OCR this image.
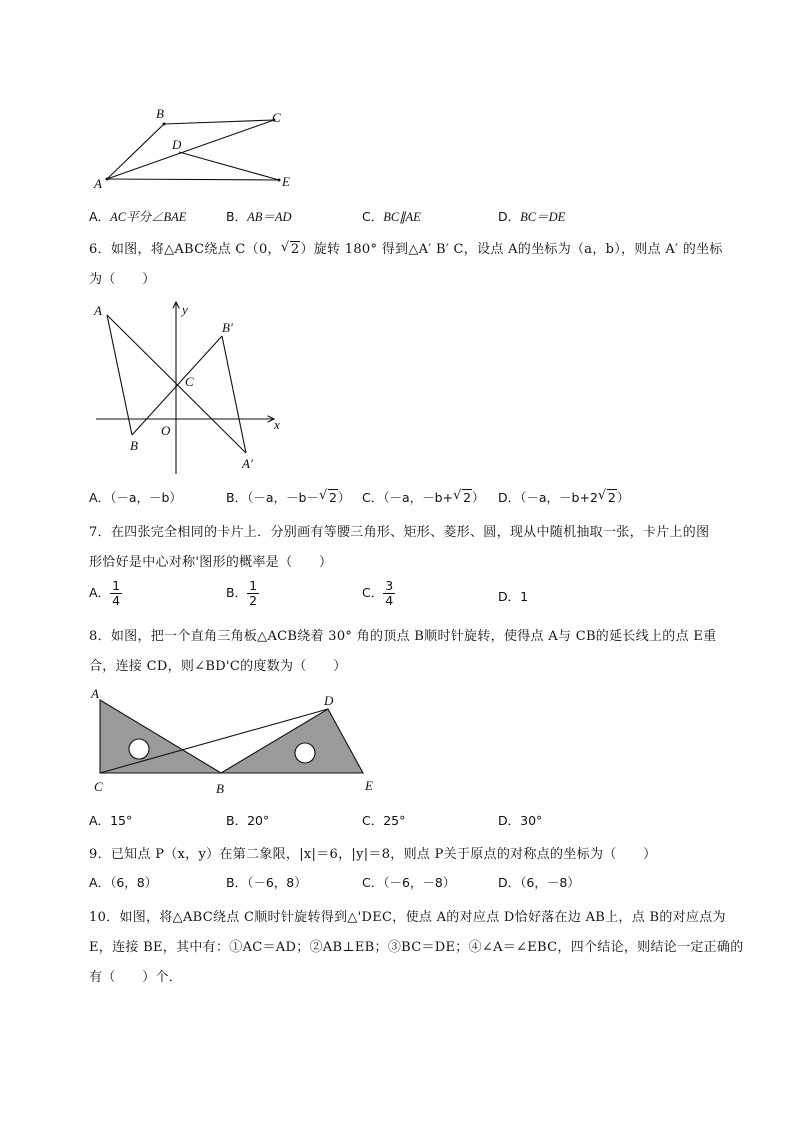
B	C
D
A	E
A．AC平分∠BAE	B．AB＝AD	C．BC∥AE	D．BC＝DE
6．如图，将△ABC绕点 C（0， √ 2）旋转 180° 得到△A′ B′ C，设点 A的坐标为（a，b），则点 A′ 的坐标
为（　　）
A	y
B′
C
x
O
B
A′
A．（－a，－b）	B．（－a，－b－ √ 2） C．（－a，－b+ √ 2） D．（－a，－b+2 √ 2）
7．在四张完全相同的卡片上．分别画有等腰三角形、矩形、菱形、圆，现从中随机抽取一张，卡片上的图
形恰好是中心对称'图形的概率是（　　）
A． $\frac{1}{4}$	B． $\frac{1}{2}$	C． $\frac{3}{4}$	D．1
8．如图，把一个直角三角板△ACB绕着 30° 角的顶点 B顺时针旋转，使得点 A与 CB的延长线上的点 E重
合，连接 CD，则∠BD'C的度数为（　　）
A	D
C	B	E
A．15°	B．20°	C．25°	D．30°
9．已知点 P（x，y）在第二象限，|x|＝6，|y|＝8，则点 P关于原点的对称点的坐标为（　　）
A．（6，8）	B．（－6，8）	C．（－6，－8）	D．（6，－8）
10．如图，将△ABC绕点 C顺时针旋转得到△'DEC，使点 A的对应点 D恰好落在边 AB上，点 B的对应点为
E，连接 BE，其中有：①AC＝AD；②AB⊥EB；③BC＝DE；④∠A＝∠EBC，四个结论，则结论一定正确的
有（　　）个．
